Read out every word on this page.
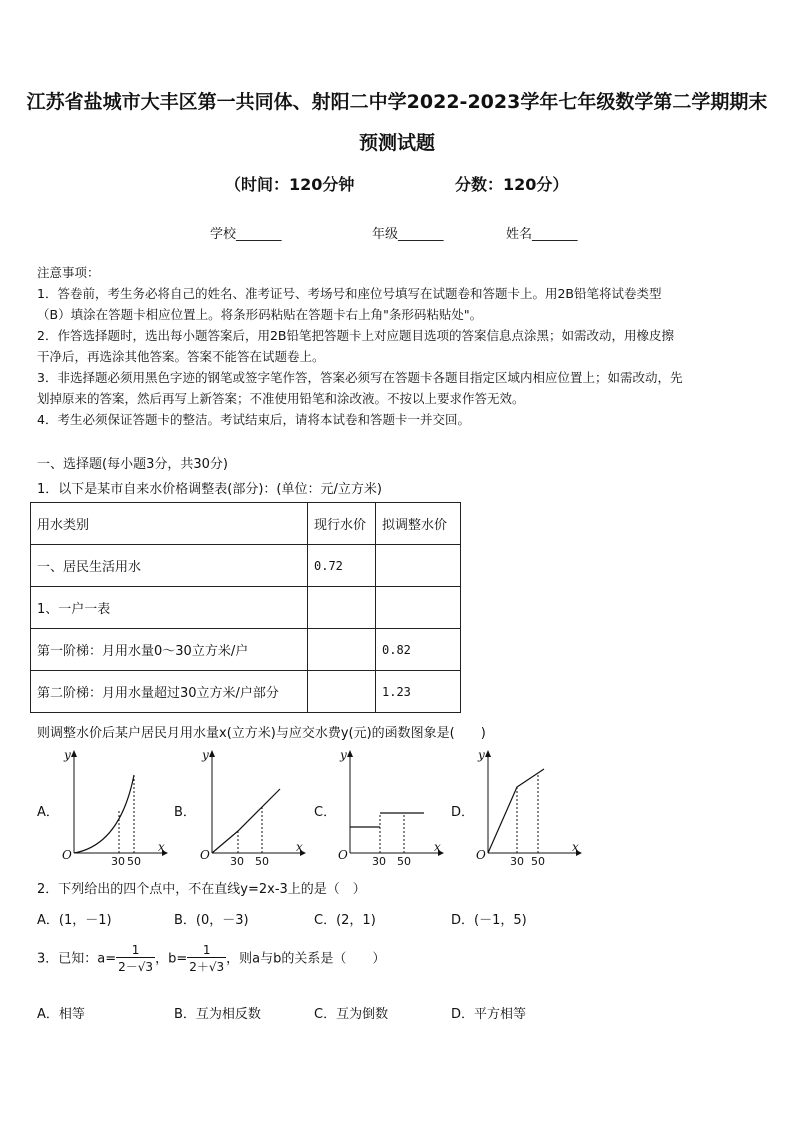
江苏省盐城市大丰区第一共同体、射阳二中学2022-2023学年七年级数学第二学期期末
预测试题
（时间：120分钟	分数：120分）
学校_______	年级_______	姓名_______
注意事项：
1．答卷前，考生务必将自己的姓名、准考证号、考场号和座位号填写在试题卷和答题卡上。用2B铅笔将试卷类型
（B）填涂在答题卡相应位置上。将条形码粘贴在答题卡右上角"条形码粘贴处"。
2．作答选择题时，选出每小题答案后，用2B铅笔把答题卡上对应题目选项的答案信息点涂黑；如需改动，用橡皮擦
干净后，再选涂其他答案。答案不能答在试题卷上。
3．非选择题必须用黑色字迹的钢笔或签字笔作答，答案必须写在答题卡各题目指定区域内相应位置上；如需改动，先
划掉原来的答案，然后再写上新答案；不准使用铅笔和涂改液。不按以上要求作答无效。
4．考生必须保证答题卡的整洁。考试结束后，请将本试卷和答题卡一并交回。
一、选择题(每小题3分，共30分)
1．以下是某市自来水价格调整表(部分)：(单位：元/立方米)
用水类别	现行水价	拟调整水价
一、居民生活用水	0.72	
1、一户一表		
第一阶梯：月用水量0～30立方米/户		0.82
第二阶梯：月用水量超过30立方米/户部分		1.23
则调整水价后某户居民月用水量x(立方米)与应交水费y(元)的函数图象是(　　)
A．	B．	C．	D．
y
x
O	30 50
y
x
O 30 50
y
x
O 30 50
y
x
O 30 50
2．下列给出的四个点中，不在直线y=2x-3上的是（　）
A．(1，－1)	B．(0，－3)	C．(2，1)	D．(－1，5)
3．已知：$a= \frac{1}{2-√3}$ ，$b= \frac{1}{2+√3}$ ，则a与b的关系是（　　）
A．相等	B．互为相反数	C．互为倒数	D．平方相等
